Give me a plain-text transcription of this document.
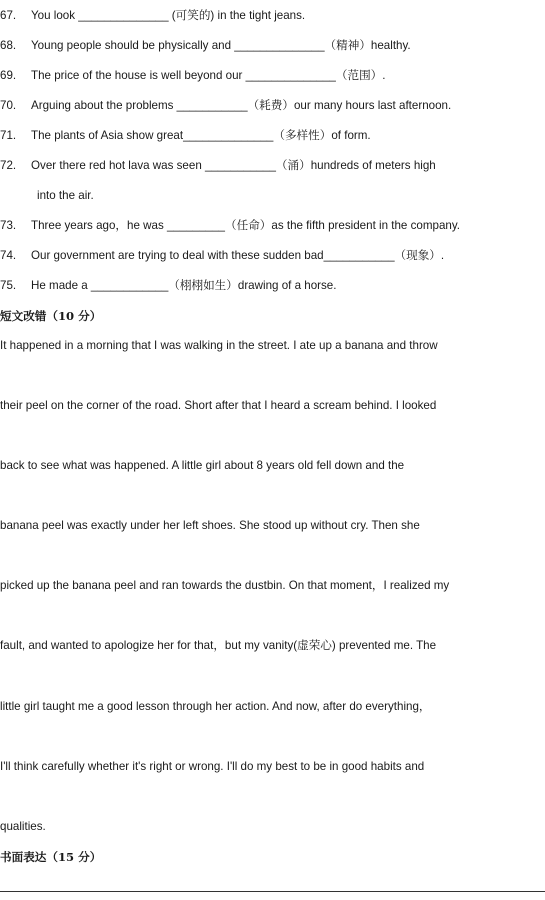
67.	You look ______________ (可笑的) in the tight jeans.
68.	Young people should be physically and ______________（精神）healthy.
69.	The price of the house is well beyond our ______________（范围）.
70.	Arguing about the problems ___________（耗费）our many hours last afternoon.
71.	The plants of Asia show great______________（多样性）of form.
72.	Over there red hot lava was seen ___________（涌）hundreds of meters high
into the air.
73.	Three years ago，he was _________（任命）as the fifth president in the company.
74.	Our government are trying to deal with these sudden bad___________（现象）.
75.	He made a ____________（栩栩如生）drawing of a horse.
短文改错（10 分）
It happened in a morning that I was walking in the street. I ate up a banana and throw
their peel on the corner of the road. Short after that I heard a scream behind. I looked
back to see what was happened. A little girl about 8 years old fell down and the
banana peel was exactly under her left shoes. She stood up without cry. Then she
picked up the banana peel and ran towards the dustbin. On that moment，I realized my
fault, and wanted to apologize her for that，but my vanity(虚荣心) prevented me. The
little girl taught me a good lesson through her action. And now, after do everything，
I'll think carefully whether it's right or wrong. I'll do my best to be in good habits and
qualities.
书面表达（15 分）
